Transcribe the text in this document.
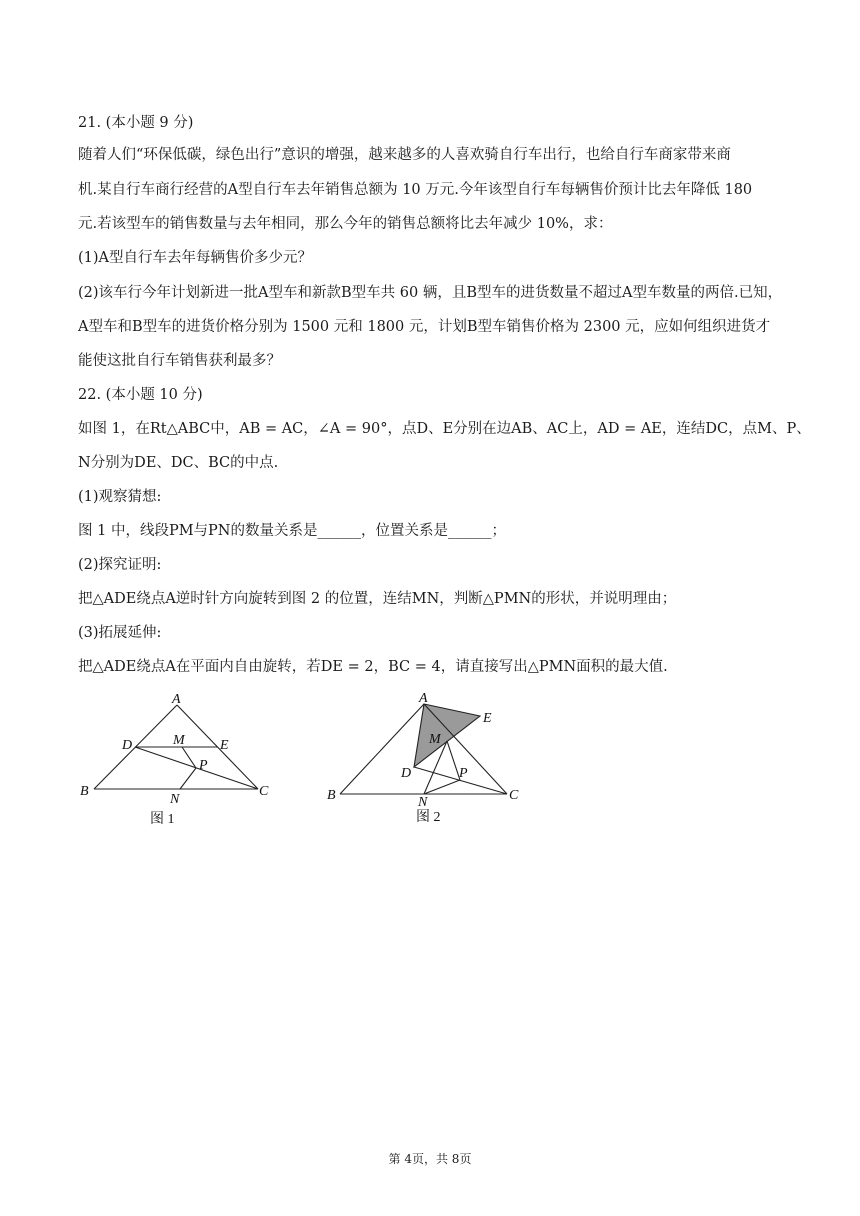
21. (本小题 9 分)
随着人们“环保低碳，绿色出行”意识的增强，越来越多的人喜欢骑自行车出行，也给自行车商家带来商
机.某自行车商行经营的A型自行车去年销售总额为 10 万元.今年该型自行车每辆售价预计比去年降低 180
元.若该型车的销售数量与去年相同，那么今年的销售总额将比去年减少 10%，求：
(1)A型自行车去年每辆售价多少元？
(2)该车行今年计划新进一批A型车和新款B型车共 60 辆，且B型车的进货数量不超过A型车数量的两倍.已知，
A型车和B型车的进货价格分别为 1500 元和 1800 元，计划B型车销售价格为 2300 元，应如何组织进货才
能使这批自行车销售获利最多？
22. (本小题 10 分)
如图 1，在Rt△ABC中，AB = AC，∠A = 90°，点D、E分别在边AB、AC上，AD = AE，连结DC，点M、P、
N分别为DE、DC、BC的中点.
(1)观察猜想:
图 1 中，线段PM与PN的数量关系是______，位置关系是______；
(2)探究证明:
把△ADE绕点A逆时针方向旋转到图 2 的位置，连结MN，判断△PMN的形状，并说明理由；
(3)拓展延伸:
把△ADE绕点A在平面内自由旋转，若DE = 2，BC = 4，请直接写出△PMN面积的最大值.
A
B	C
D	E
M
N
P
图 1
A
B	C
D
E
M
N
P
图 2
第 4页，共 8页
